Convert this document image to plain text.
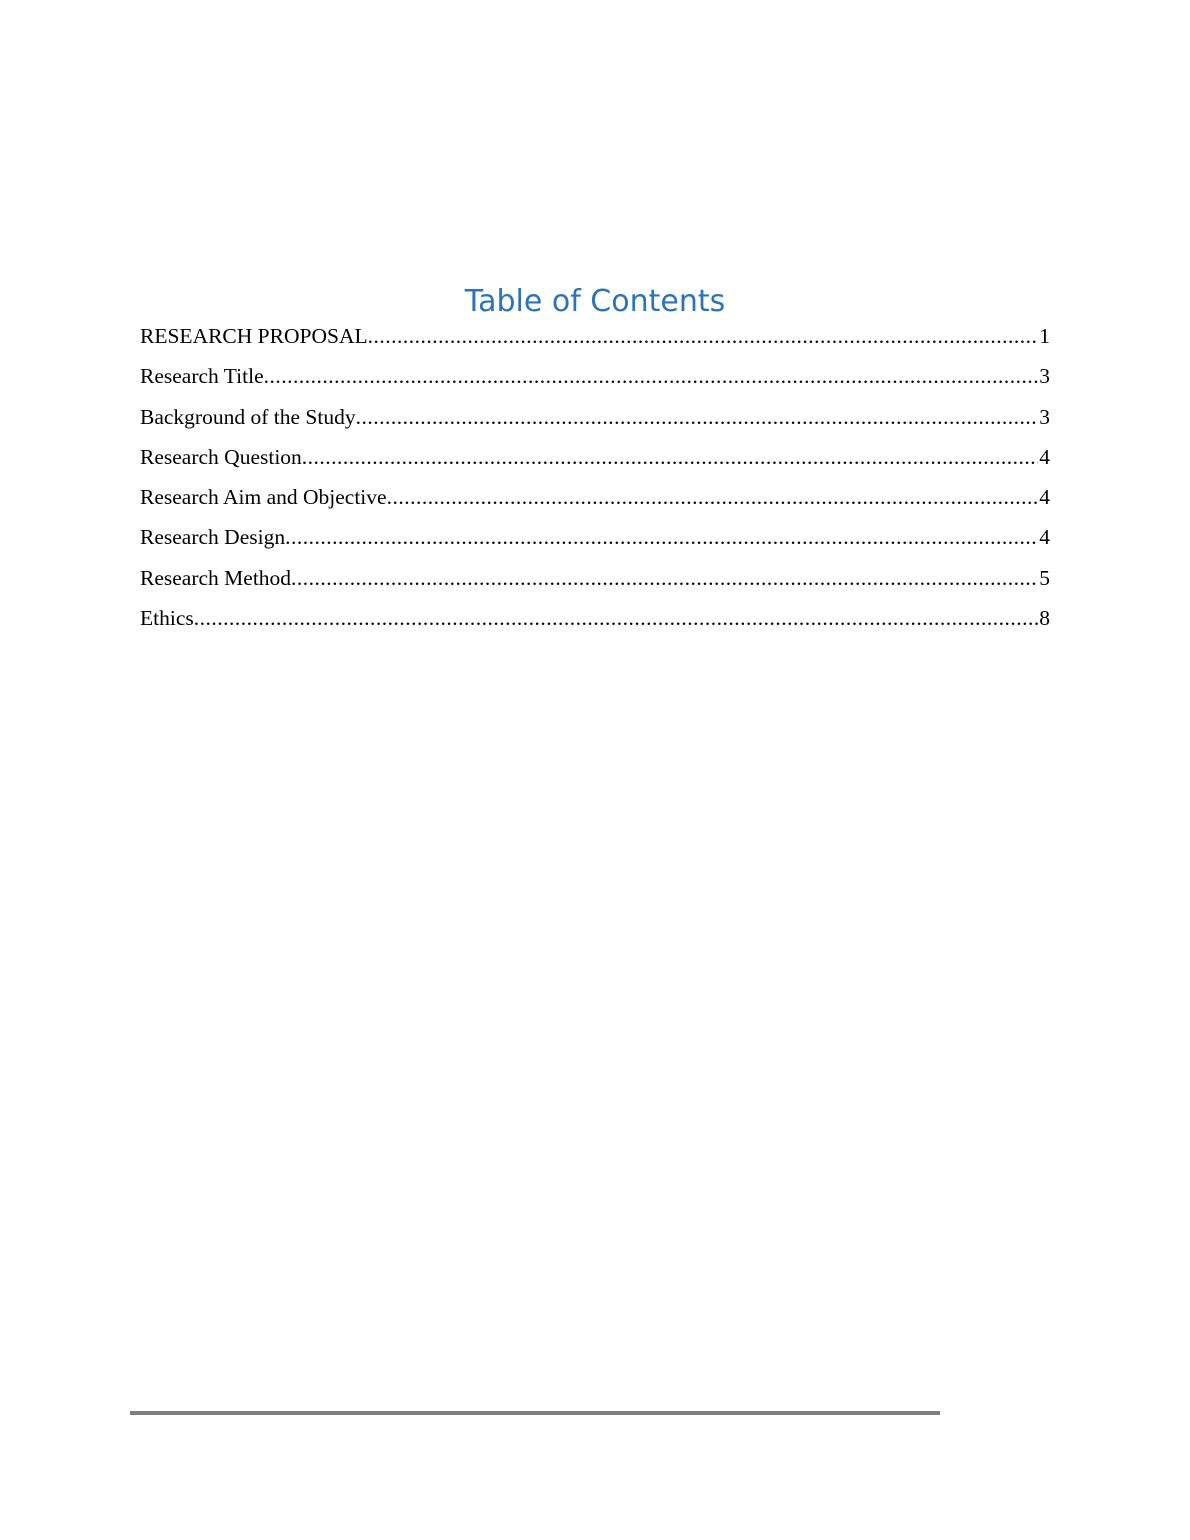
Table of Contents
RESEARCH PROPOSAL .....	1
Research Title .....	3
Background of the Study .....	3
Research Question .....	4
Research Aim and Objective .....	4
Research Design .....	4
Research Method .....	5
Ethics .....	8
